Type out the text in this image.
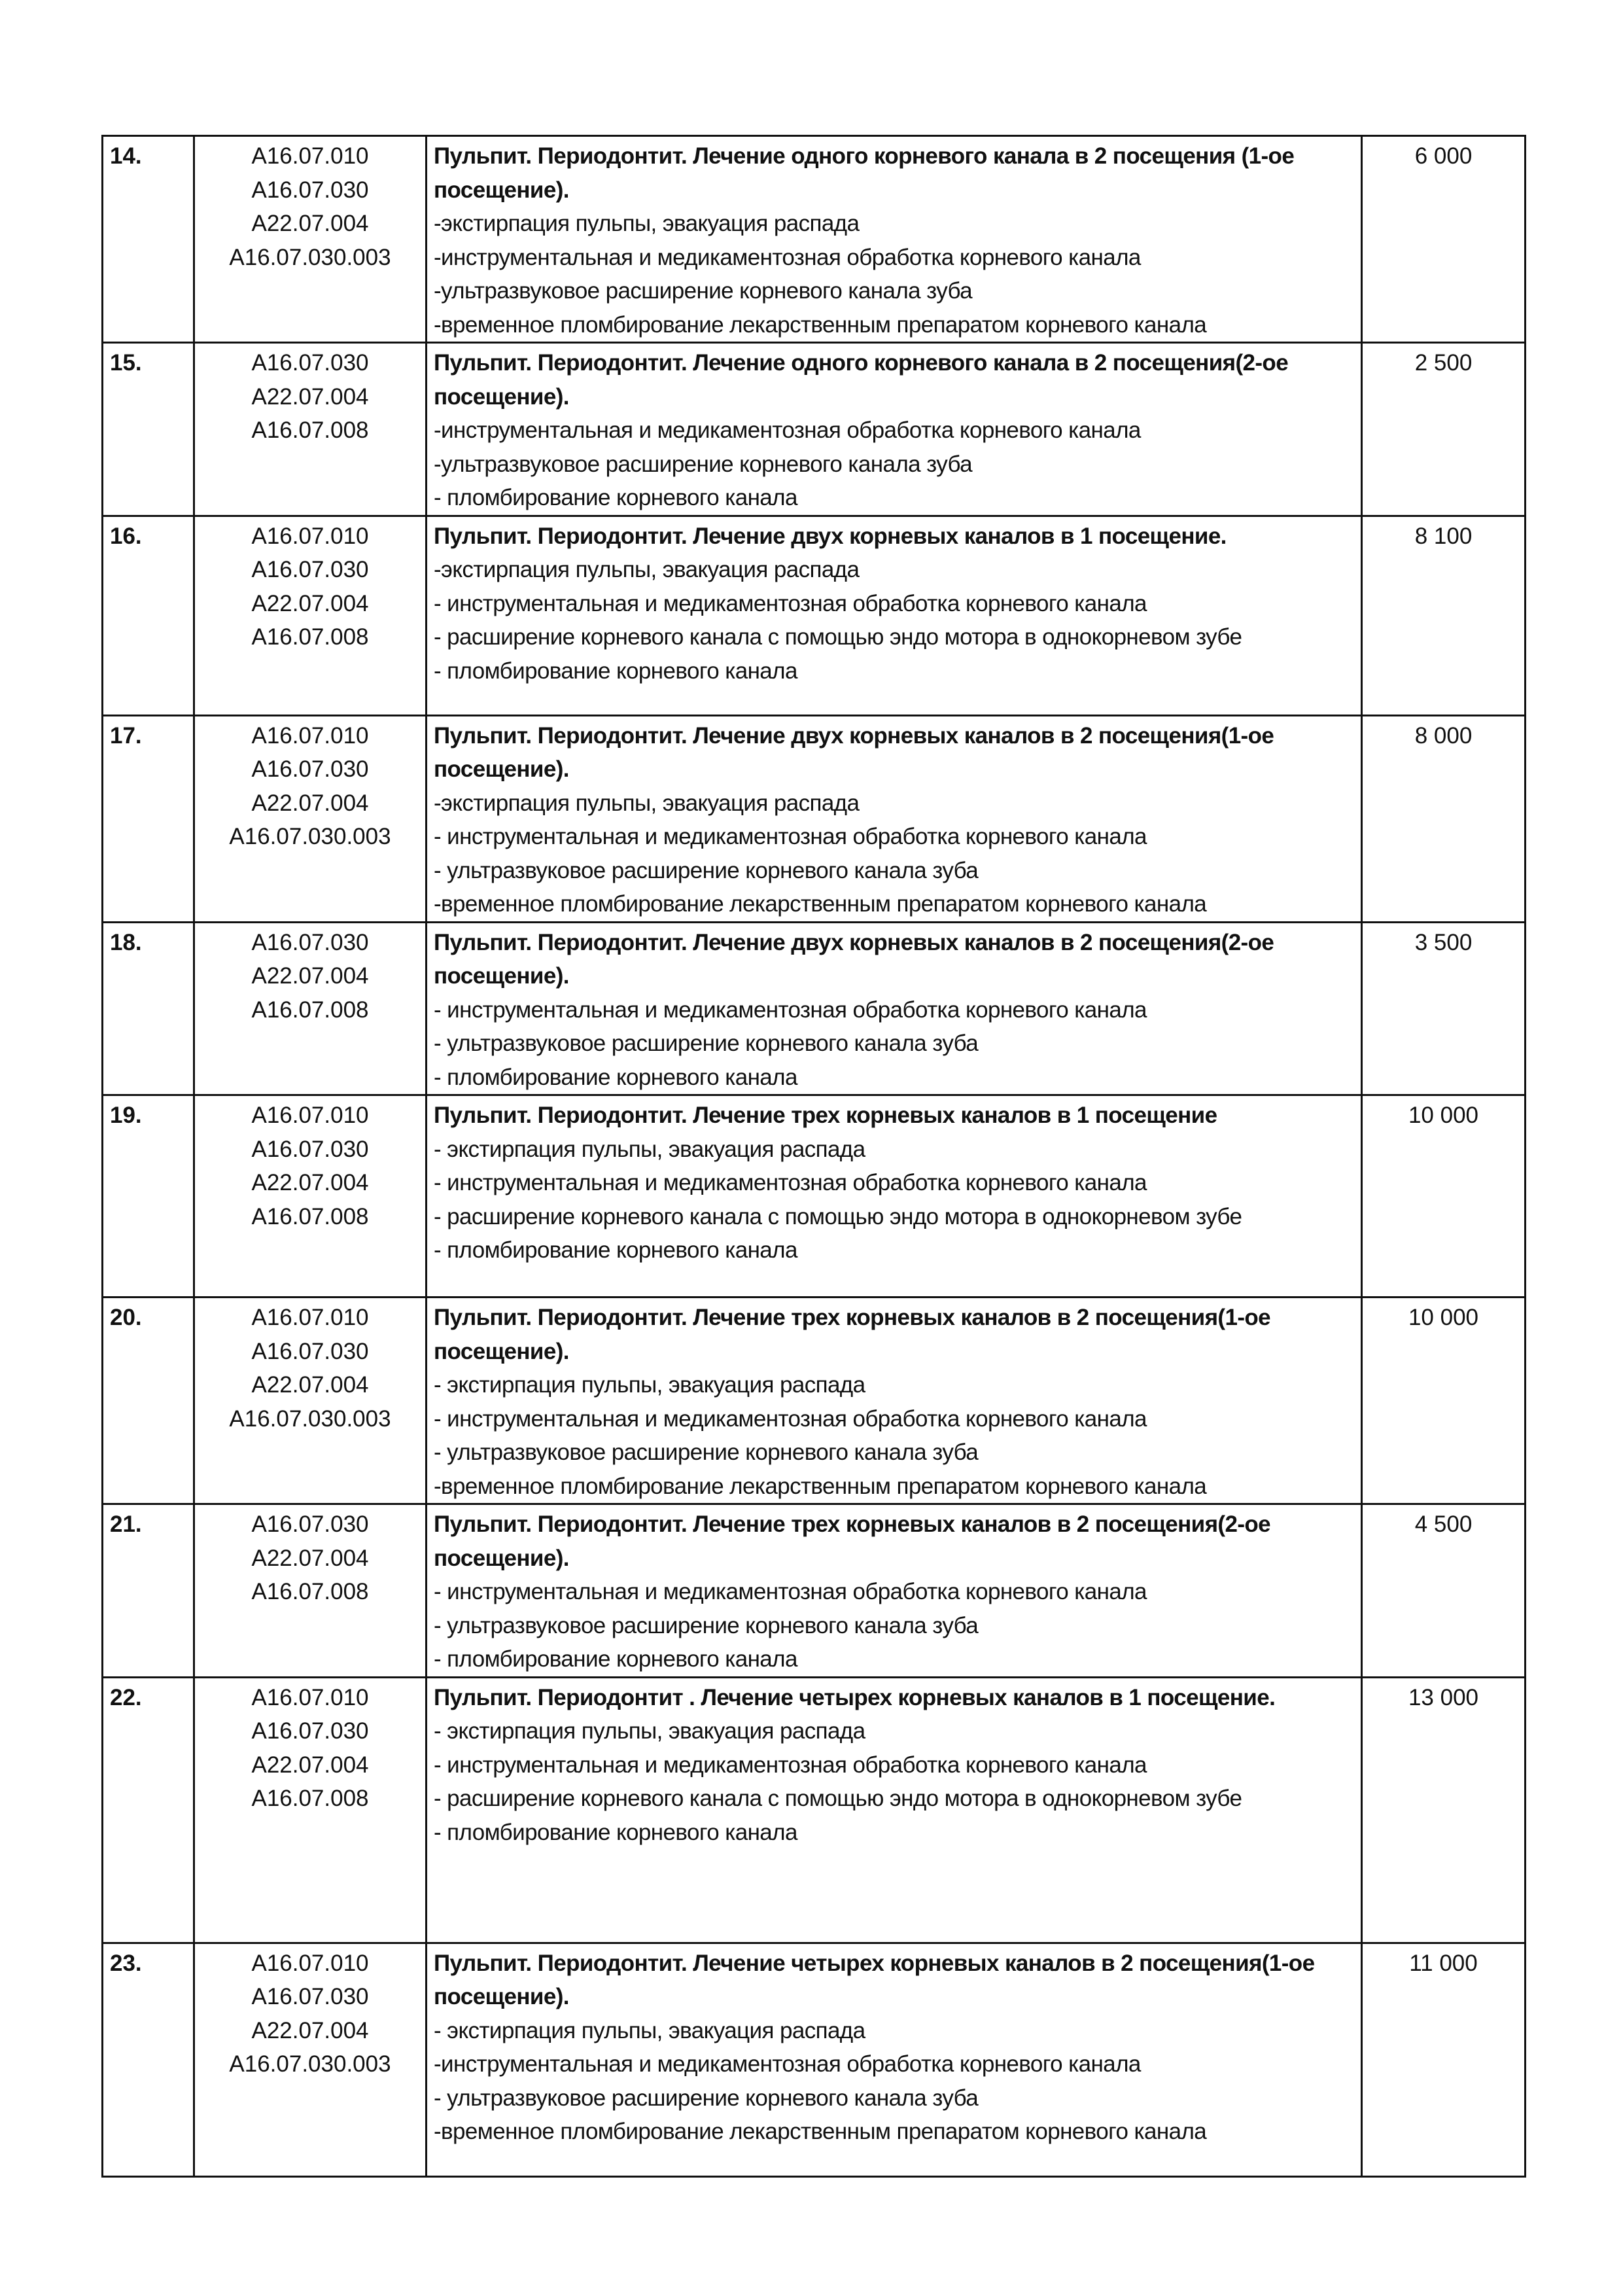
14.	A16.07.010
A16.07.030
A22.07.004
A16.07.030.003

Пульпит. Периодонтит. Лечение одного корневого канала в 2 посещения (1-ое посещение).
-экстирпация пульпы, эвакуация распада
-инструментальная и медикаментозная обработка корневого канала
-ультразвуковое расширение корневого канала зуба
-временное пломбирование лекарственным препаратом корневого канала
	6 000
15.	A16.07.030
A22.07.004
A16.07.008

Пульпит. Периодонтит. Лечение одного корневого канала в 2 посещения(2-ое посещение).
-инструментальная и медикаментозная обработка корневого канала
-ультразвуковое расширение корневого канала зуба
- пломбирование корневого канала
	2 500
16.	A16.07.010
A16.07.030
A22.07.004
A16.07.008

Пульпит. Периодонтит. Лечение двух корневых каналов в 1 посещение.
-экстирпация пульпы, эвакуация распада
- инструментальная и медикаментозная обработка корневого канала
- расширение корневого канала с помощью эндо мотора в однокорневом зубе
- пломбирование корневого канала
	8 100
17.	A16.07.010
A16.07.030
A22.07.004
A16.07.030.003

Пульпит. Периодонтит. Лечение двух корневых каналов в 2 посещения(1-ое посещение).
-экстирпация пульпы, эвакуация распада
- инструментальная и медикаментозная обработка корневого канала
- ультразвуковое расширение корневого канала зуба
-временное пломбирование лекарственным препаратом корневого канала
	8 000
18.	A16.07.030
A22.07.004
A16.07.008

Пульпит. Периодонтит. Лечение двух корневых каналов в 2 посещения(2-ое посещение).
- инструментальная и медикаментозная обработка корневого канала
- ультразвуковое расширение корневого канала зуба
- пломбирование корневого канала
	3 500
19.	A16.07.010
A16.07.030
A22.07.004
A16.07.008

Пульпит. Периодонтит. Лечение трех корневых каналов в 1 посещение
- экстирпация пульпы, эвакуация распада
- инструментальная и медикаментозная обработка корневого канала
- расширение корневого канала с помощью эндо мотора в однокорневом зубе
- пломбирование корневого канала
	10 000
20.	A16.07.010
A16.07.030
A22.07.004
A16.07.030.003

Пульпит. Периодонтит. Лечение трех корневых каналов в 2 посещения(1-ое посещение).
- экстирпация пульпы, эвакуация распада
- инструментальная и медикаментозная обработка корневого канала
- ультразвуковое расширение корневого канала зуба
-временное пломбирование лекарственным препаратом корневого канала
	10 000
21.	A16.07.030
A22.07.004
A16.07.008

Пульпит. Периодонтит. Лечение трех корневых каналов в 2 посещения(2-ое посещение).
- инструментальная и медикаментозная обработка корневого канала
- ультразвуковое расширение корневого канала зуба
- пломбирование корневого канала
	4 500
22.	A16.07.010
A16.07.030
A22.07.004
A16.07.008

Пульпит. Периодонтит . Лечение четырех корневых каналов в 1 посещение.
- экстирпация пульпы, эвакуация распада
- инструментальная и медикаментозная обработка корневого канала
- расширение корневого канала с помощью эндо мотора в однокорневом зубе
- пломбирование корневого канала
	13 000
23.	A16.07.010
A16.07.030
A22.07.004
A16.07.030.003

Пульпит. Периодонтит. Лечение четырех корневых каналов в 2 посещения(1-ое посещение).
- экстирпация пульпы, эвакуация распада
-инструментальная и медикаментозная обработка корневого канала
- ультразвуковое расширение корневого канала зуба
-временное пломбирование лекарственным препаратом корневого канала
	11 000
